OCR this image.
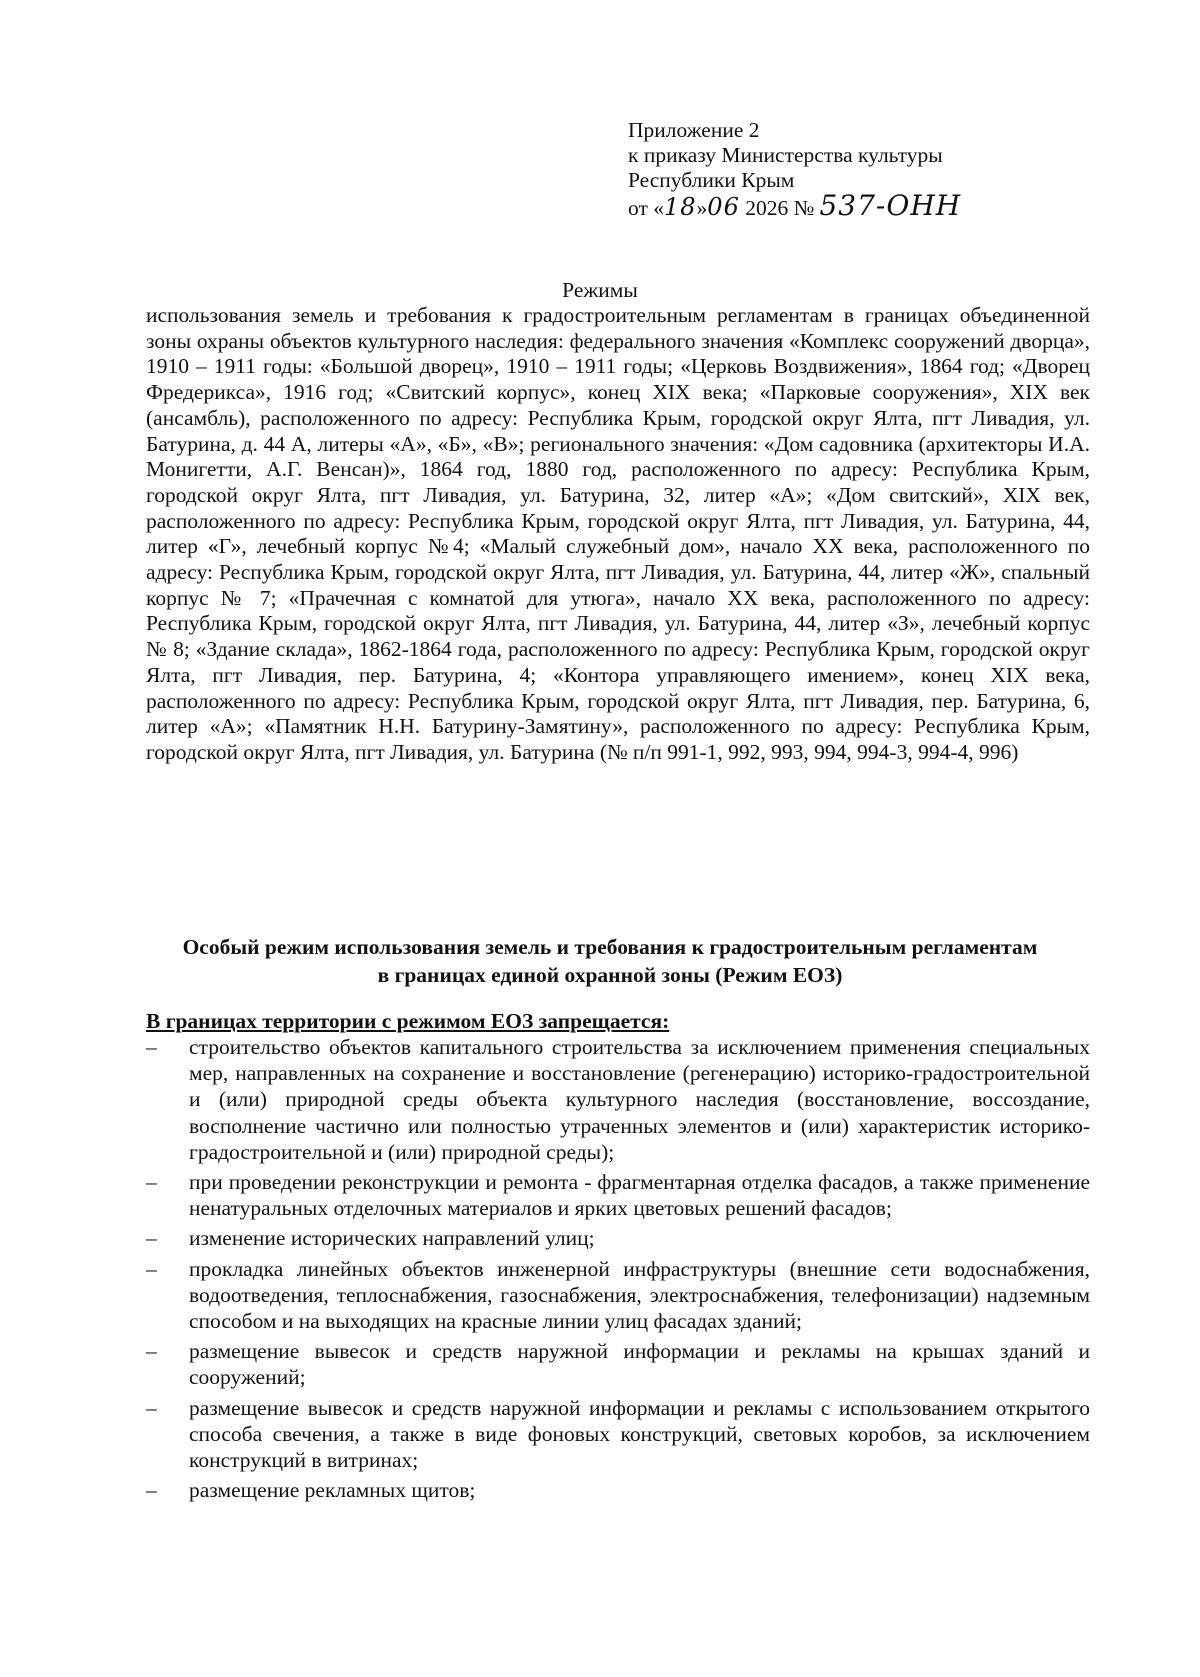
Приложение 2
к приказу Министерства культуры
Республики Крым
от «18»06 2026 № 537-ОНН
Режимы
использования земель и требования к градостроительным регламентам в границах объединенной зоны охраны объектов культурного наследия: федерального значения «Комплекс сооружений дворца», 1910 – 1911 годы: «Большой дворец», 1910 – 1911 годы; «Церковь Воздвижения», 1864 год; «Дворец Фредерикса», 1916 год; «Свитский корпус», конец XIX века; «Парковые сооружения», XIX век (ансамбль), расположенного по адресу: Республика Крым, городской округ Ялта, пгт Ливадия, ул. Батурина, д. 44 А, литеры «А», «Б», «В»; регионального значения: «Дом садовника (архитекторы И.А. Монигетти, А.Г. Венсан)», 1864 год, 1880 год, расположенного по адресу: Республика Крым, городской округ Ялта, пгт Ливадия, ул. Батурина, 32, литер «А»; «Дом свитский», XIX век, расположенного по адресу: Республика Крым, городской округ Ялта, пгт Ливадия, ул. Батурина, 44, литер «Г», лечебный корпус №4; «Малый служебный дом», начало XX века, расположенного по адресу: Республика Крым, городской округ Ялта, пгт Ливадия, ул. Батурина, 44, литер «Ж», спальный корпус № 7; «Прачечная с комнатой для утюга», начало XX века, расположенного по адресу: Республика Крым, городской округ Ялта, пгт Ливадия, ул. Батурина, 44, литер «З», лечебный корпус № 8; «Здание склада», 1862-1864 года, расположенного по адресу: Республика Крым, городской округ Ялта, пгт Ливадия, пер. Батурина, 4; «Контора управляющего имением», конец XIX века, расположенного по адресу: Республика Крым, городской округ Ялта, пгт Ливадия, пер. Батурина, 6, литер «А»; «Памятник Н.Н. Батурину-Замятину», расположенного по адресу: Республика Крым, городской округ Ялта, пгт Ливадия, ул. Батурина (№ п/п 991-1, 992, 993, 994, 994-3, 994-4, 996)
Особый режим использования земель и требования к градостроительным регламентам
в границах единой охранной зоны (Режим ЕОЗ)
В границах территории с режимом ЕОЗ запрещается:
– строительство объектов капитального строительства за исключением применения специальных мер, направленных на сохранение и восстановление (регенерацию) историко-градостроительной и (или) природной среды объекта культурного наследия (восстановление, воссоздание, восполнение частично или полностью утраченных элементов и (или) характеристик историко-градостроительной и (или) природной среды);
– при проведении реконструкции и ремонта - фрагментарная отделка фасадов, а также применение ненатуральных отделочных материалов и ярких цветовых решений фасадов;
– изменение исторических направлений улиц;
– прокладка линейных объектов инженерной инфраструктуры (внешние сети водоснабжения, водоотведения, теплоснабжения, газоснабжения, электроснабжения, телефонизации) надземным способом и на выходящих на красные линии улиц фасадах зданий;
– размещение вывесок и средств наружной информации и рекламы на крышах зданий и сооружений;
– размещение вывесок и средств наружной информации и рекламы с использованием открытого способа свечения, а также в виде фоновых конструкций, световых коробов, за исключением конструкций в витринах;
– размещение рекламных щитов;
